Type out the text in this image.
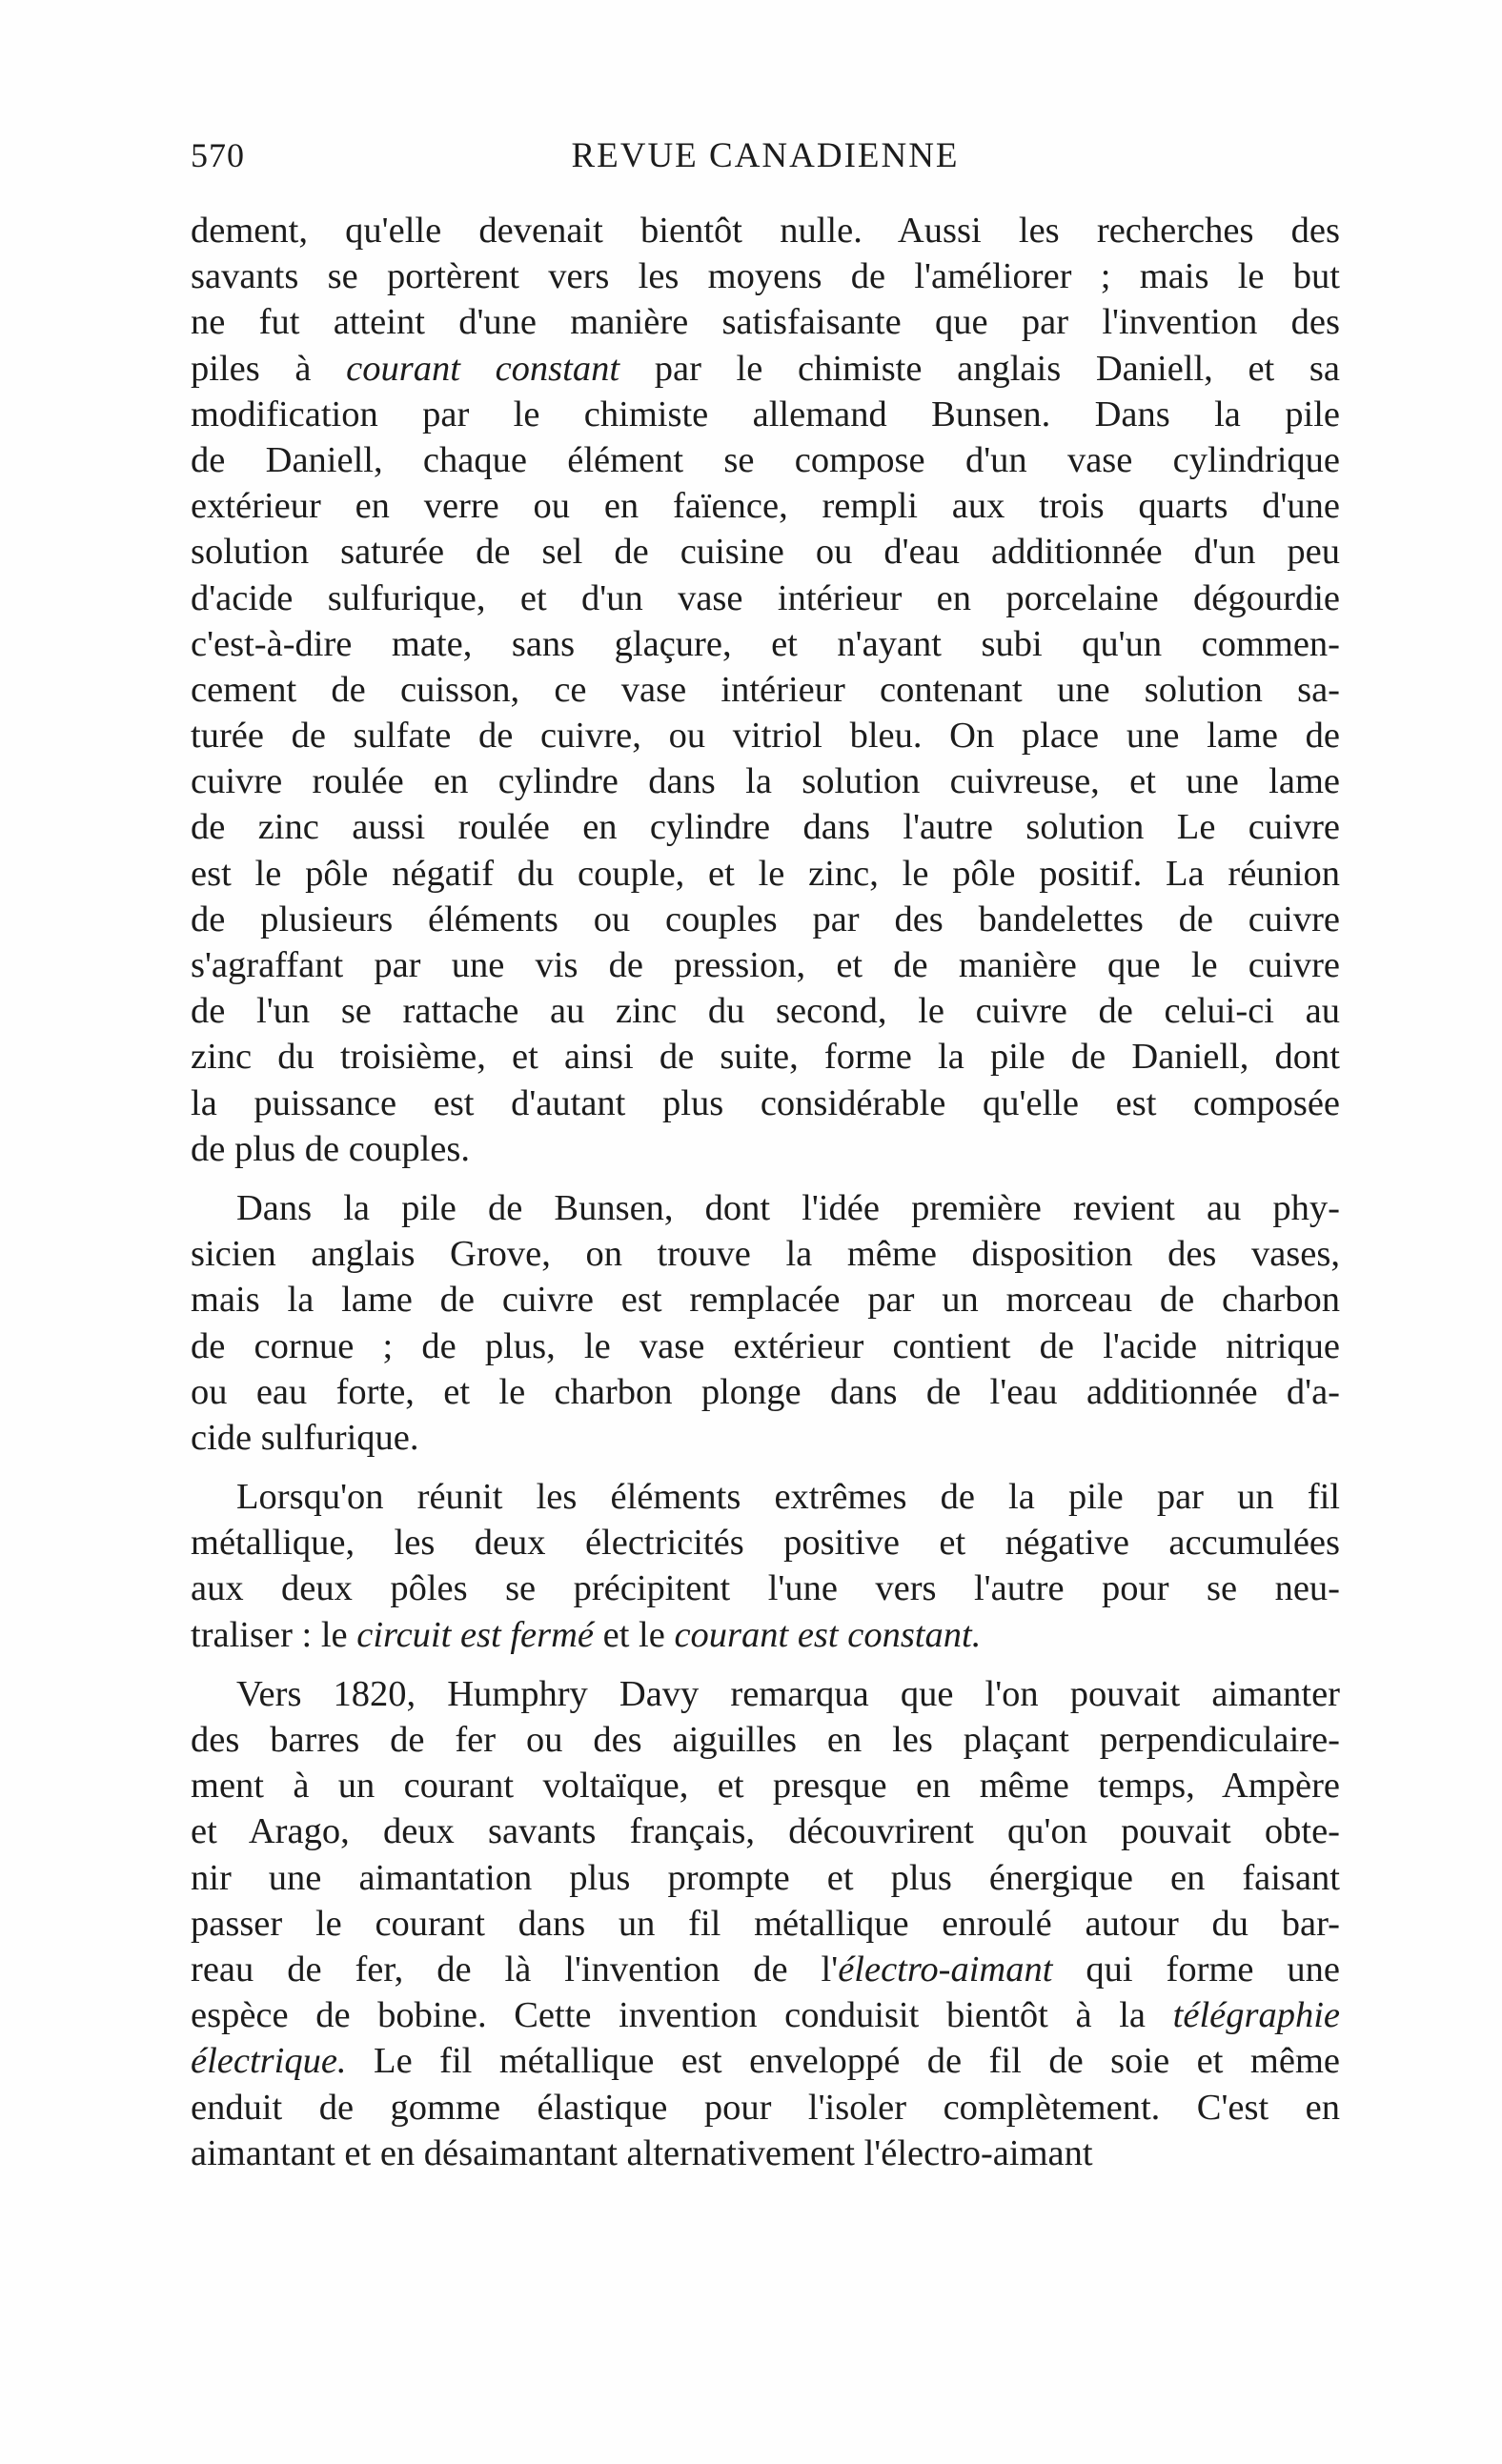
570	REVUE CANADIENNE
dement, qu'elle devenait bientôt nulle. Aussi les recherches des
savants se portèrent vers les moyens de l'améliorer ; mais le but
ne fut atteint d'une manière satisfaisante que par l'invention des
piles à courant constant par le chimiste anglais Daniell, et sa
modification par le chimiste allemand Bunsen. Dans la pile
de Daniell, chaque élément se compose d'un vase cylindrique
extérieur en verre ou en faïence, rempli aux trois quarts d'une
solution saturée de sel de cuisine ou d'eau additionnée d'un peu
d'acide sulfurique, et d'un vase intérieur en porcelaine dégourdie
c'est-à-dire mate, sans glaçure, et n'ayant subi qu'un commen-
cement de cuisson, ce vase intérieur contenant une solution sa-
turée de sulfate de cuivre, ou vitriol bleu. On place une lame de
cuivre roulée en cylindre dans la solution cuivreuse, et une lame
de zinc aussi roulée en cylindre dans l'autre solution Le cuivre
est le pôle négatif du couple, et le zinc, le pôle positif. La réunion
de plusieurs éléments ou couples par des bandelettes de cuivre
s'agraffant par une vis de pression, et de manière que le cuivre
de l'un se rattache au zinc du second, le cuivre de celui-ci au
zinc du troisième, et ainsi de suite, forme la pile de Daniell, dont
la puissance est d'autant plus considérable qu'elle est composée
de plus de couples.
Dans la pile de Bunsen, dont l'idée première revient au phy-
sicien anglais Grove, on trouve la même disposition des vases,
mais la lame de cuivre est remplacée par un morceau de charbon
de cornue ; de plus, le vase extérieur contient de l'acide nitrique
ou eau forte, et le charbon plonge dans de l'eau additionnée d'a-
cide sulfurique.
Lorsqu'on réunit les éléments extrêmes de la pile par un fil
métallique, les deux électricités positive et négative accumulées
aux deux pôles se précipitent l'une vers l'autre pour se neu-
traliser : le circuit est fermé et le courant est constant.
Vers 1820, Humphry Davy remarqua que l'on pouvait aimanter
des barres de fer ou des aiguilles en les plaçant perpendiculaire-
ment à un courant voltaïque, et presque en même temps, Ampère
et Arago, deux savants français, découvrirent qu'on pouvait obte-
nir une aimantation plus prompte et plus énergique en faisant
passer le courant dans un fil métallique enroulé autour du bar-
reau de fer, de là l'invention de l'électro-aimant qui forme une
espèce de bobine. Cette invention conduisit bientôt à la télégraphie
électrique. Le fil métallique est enveloppé de fil de soie et même
enduit de gomme élastique pour l'isoler complètement. C'est en
aimantant et en désaimantant alternativement l'électro-aimant
